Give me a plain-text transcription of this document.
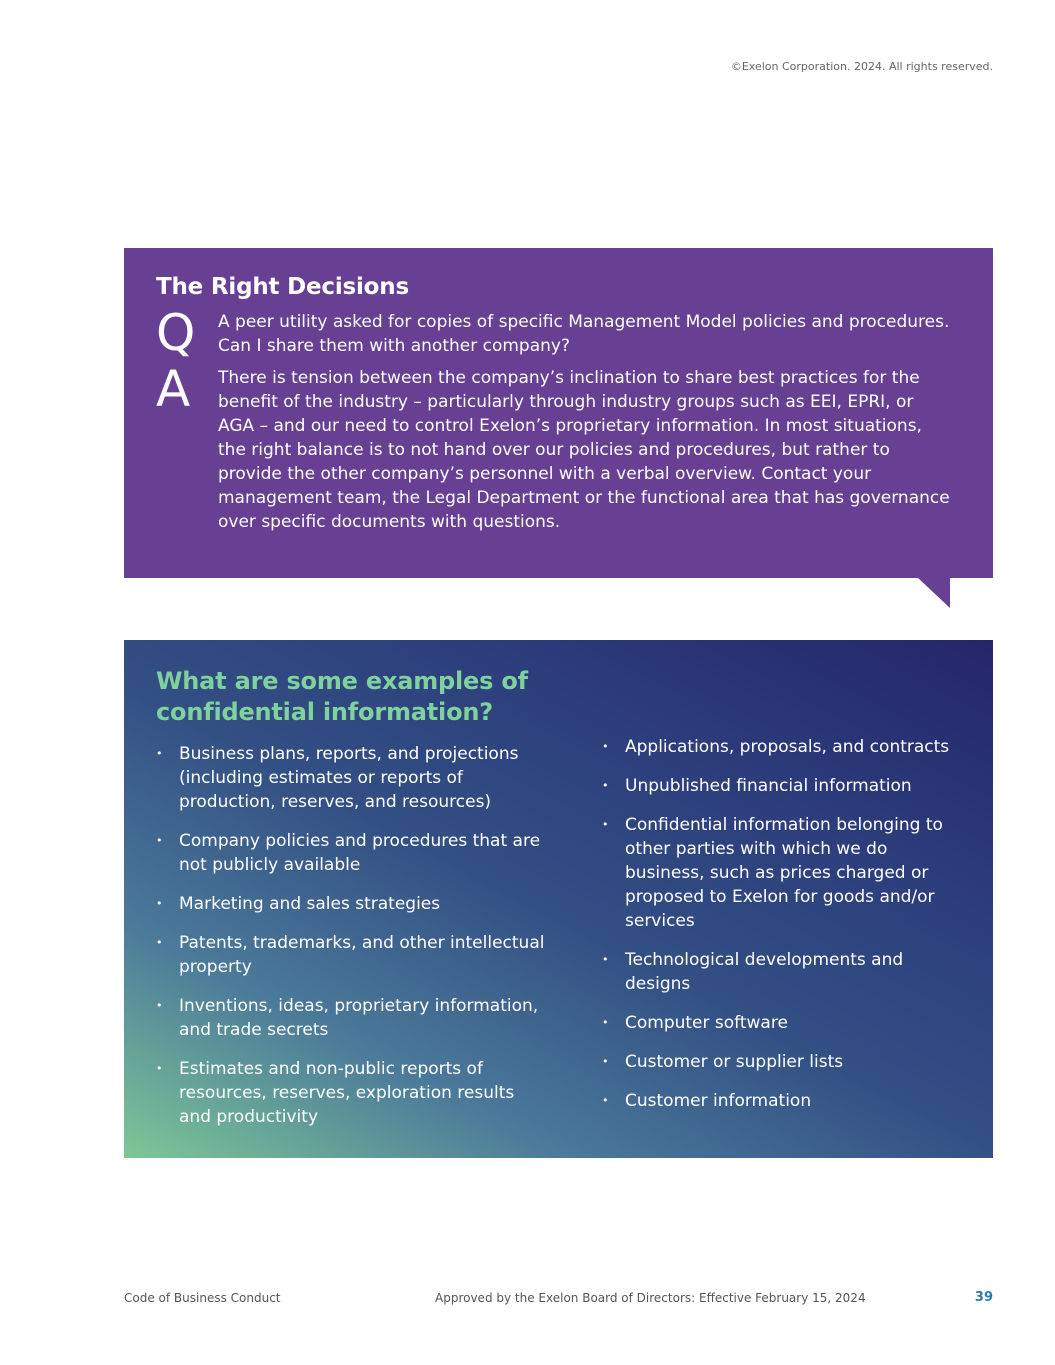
©Exelon Corporation. 2024. All rights reserved.
The Right Decisions
Q	A peer utility asked for copies of specific Management Model policies and procedures. Can I share them with another company?
A	There is tension between the company’s inclination to share best practices for the benefit of the industry – particularly through industry groups such as EEI, EPRI, or AGA – and our need to control Exelon’s proprietary information. In most situations, the right balance is to not hand over our policies and procedures, but rather to provide the other company’s personnel with a verbal overview. Contact your management team, the Legal Department or the functional area that has governance over specific documents with questions.
What are some examples of confidential information?
• Business plans, reports, and projections (including estimates or reports of production, reserves, and resources)
• Company policies and procedures that are not publicly available
• Marketing and sales strategies
• Patents, trademarks, and other intellectual property
• Inventions, ideas, proprietary information, and trade secrets
• Estimates and non-public reports of resources, reserves, exploration results and productivity
• Applications, proposals, and contracts
• Unpublished financial information
• Confidential information belonging to other parties with which we do business, such as prices charged or proposed to Exelon for goods and/or services
• Technological developments and designs
• Computer software
• Customer or supplier lists
• Customer information
Code of Business Conduct	Approved by the Exelon Board of Directors: Effective February 15, 2024	39
